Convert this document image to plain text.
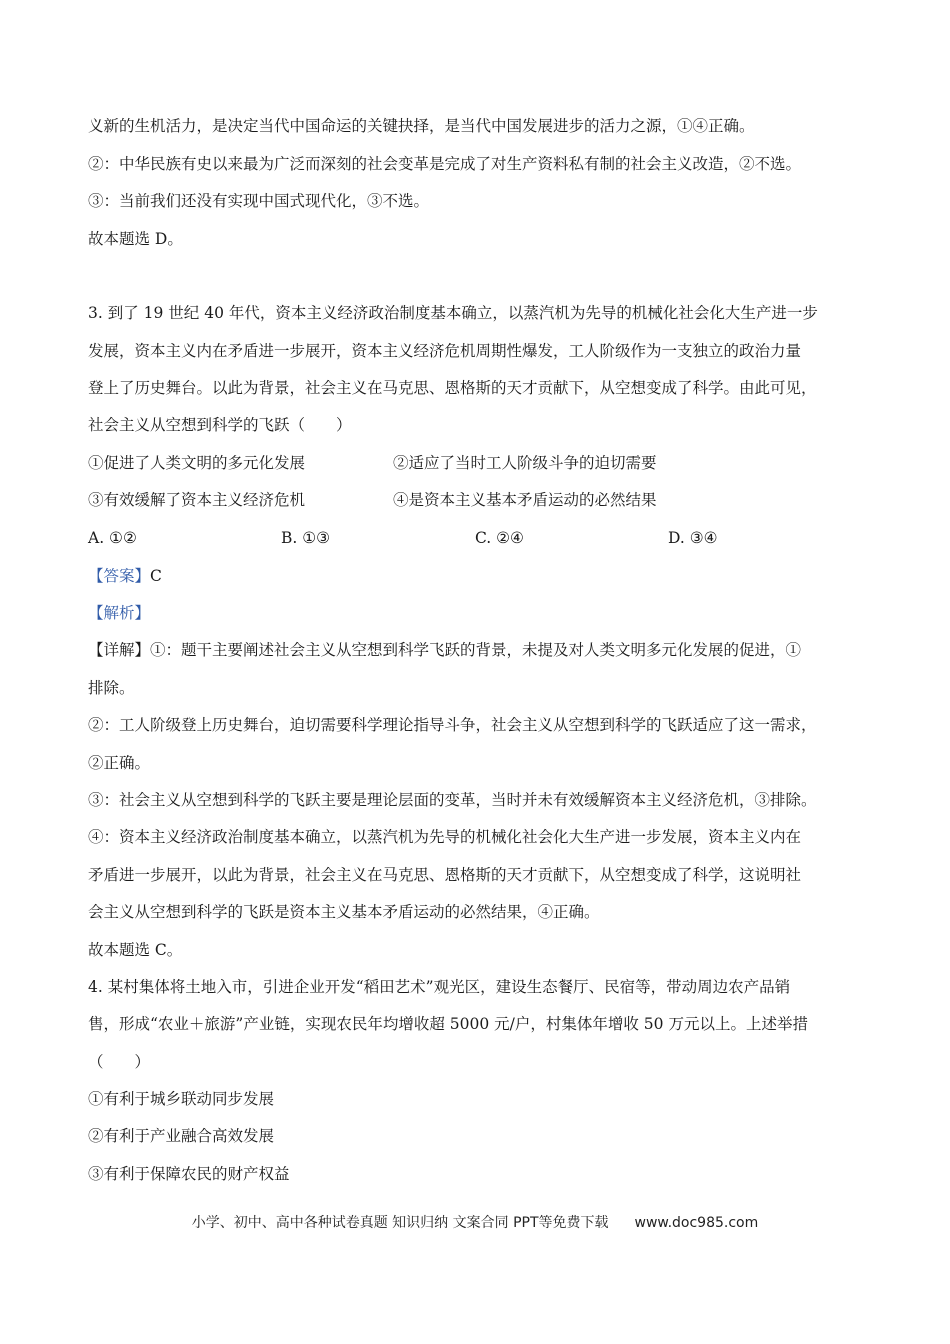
义新的生机活力，是决定当代中国命运的关键抉择，是当代中国发展进步的活力之源，①④正确。

②：中华民族有史以来最为广泛而深刻的社会变革是完成了对生产资料私有制的社会主义改造，②不选。

③：当前我们还没有实现中国式现代化，③不选。

故本题选 D。

3. 到了 19 世纪 40 年代，资本主义经济政治制度基本确立，以蒸汽机为先导的机械化社会化大生产进一步

发展，资本主义内在矛盾进一步展开，资本主义经济危机周期性爆发，工人阶级作为一支独立的政治力量

登上了历史舞台。以此为背景，社会主义在马克思、恩格斯的天才贡献下，从空想变成了科学。由此可见，

社会主义从空想到科学的飞跃（　　）

①促进了人类文明的多元化发展	②适应了当时工人阶级斗争的迫切需要
③有效缓解了资本主义经济危机	④是资本主义基本矛盾运动的必然结果
A. ①②	B. ①③	C. ②④	D. ③④

【答案】C

【解析】

【详解】①：题干主要阐述社会主义从空想到科学飞跃的背景，未提及对人类文明多元化发展的促进，①

排除。

②：工人阶级登上历史舞台，迫切需要科学理论指导斗争，社会主义从空想到科学的飞跃适应了这一需求，

②正确。

③：社会主义从空想到科学的飞跃主要是理论层面的变革，当时并未有效缓解资本主义经济危机，③排除。

④：资本主义经济政治制度基本确立，以蒸汽机为先导的机械化社会化大生产进一步发展，资本主义内在

矛盾进一步展开，以此为背景，社会主义在马克思、恩格斯的天才贡献下，从空想变成了科学，这说明社

会主义从空想到科学的飞跃是资本主义基本矛盾运动的必然结果，④正确。

故本题选 C。

4. 某村集体将土地入市，引进企业开发“稻田艺术”观光区，建设生态餐厅、民宿等，带动周边农产品销

售，形成“农业＋旅游”产业链，实现农民年均增收超 5000 元/户，村集体年增收 50 万元以上。上述举措

（　　）

①有利于城乡联动同步发展

②有利于产业融合高效发展

③有利于保障农民的财产权益

小学、初中、高中各种试卷真题 知识归纳 文案合同 PPT等免费下载 www.doc985.com
